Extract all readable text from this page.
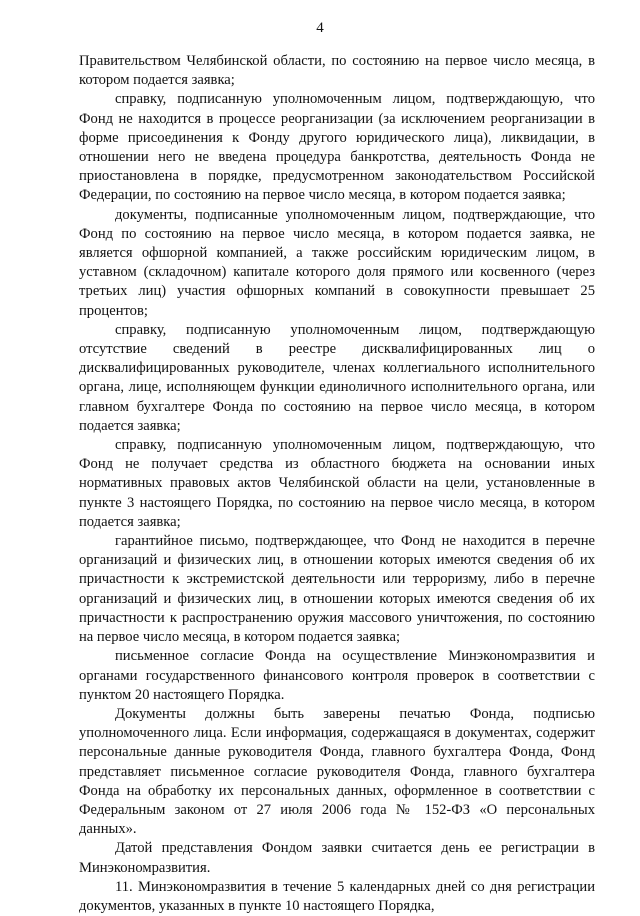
4

Правительством Челябинской области, по состоянию на первое число месяца, в котором подается заявка;

справку, подписанную уполномоченным лицом, подтверждающую, что Фонд не находится в процессе реорганизации (за исключением реорганизации в форме присоединения к Фонду другого юридического лица), ликвидации, в отношении него не введена процедура банкротства, деятельность Фонда не приостановлена в порядке, предусмотренном законодательством Российской Федерации, по состоянию на первое число месяца, в котором подается заявка;

документы, подписанные уполномоченным лицом, подтверждающие, что Фонд по состоянию на первое число месяца, в котором подается заявка, не является офшорной компанией, а также российским юридическим лицом, в уставном (складочном) капитале которого доля прямого или косвенного (через третьих лиц) участия офшорных компаний в совокупности превышает 25 процентов;

справку, подписанную уполномоченным лицом, подтверждающую отсутствие сведений в реестре дисквалифицированных лиц о дисквалифицированных руководителе, членах коллегиального исполнительного органа, лице, исполняющем функции единоличного исполнительного органа, или главном бухгалтере Фонда по состоянию на первое число месяца, в котором подается заявка;

справку, подписанную уполномоченным лицом, подтверждающую, что Фонд не получает средства из областного бюджета на основании иных нормативных правовых актов Челябинской области на цели, установленные в пункте 3 настоящего Порядка, по состоянию на первое число месяца, в котором подается заявка;

гарантийное письмо, подтверждающее, что Фонд не находится в перечне организаций и физических лиц, в отношении которых имеются сведения об их причастности к экстремистской деятельности или терроризму, либо в перечне организаций и физических лиц, в отношении которых имеются сведения об их причастности к распространению оружия массового уничтожения, по состоянию на первое число месяца, в котором подается заявка;

письменное согласие Фонда на осуществление Минэкономразвития и органами государственного финансового контроля проверок в соответствии с пунктом 20 настоящего Порядка.

Документы должны быть заверены печатью Фонда, подписью уполномоченного лица. Если информация, содержащаяся в документах, содержит персональные данные руководителя Фонда, главного бухгалтера Фонда, Фонд представляет письменное согласие руководителя Фонда, главного бухгалтера Фонда на обработку их персональных данных, оформленное в соответствии с Федеральным законом от 27 июля 2006 года № 152-ФЗ «О персональных данных».

Датой представления Фондом заявки считается день ее регистрации в Минэкономразвития.

11. Минэкономразвития в течение 5 календарных дней со дня регистрации документов, указанных в пункте 10 настоящего Порядка,
